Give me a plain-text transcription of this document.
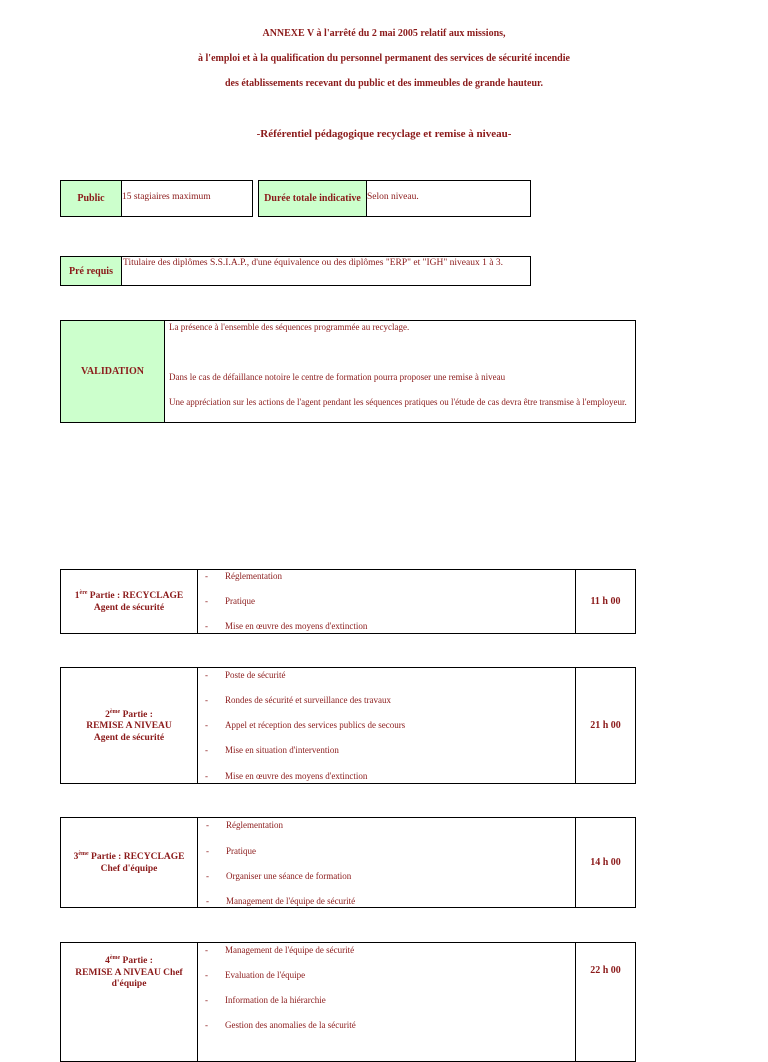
ANNEXE V à l'arrêté du 2 mai 2005 relatif aux missions,
à l'emploi et à la qualification du personnel permanent des services de sécurité incendie
des établissements recevant du public et des immeubles de grande hauteur.
-Référentiel pédagogique recyclage et remise à niveau-
Public	15 stagiaires maximum	Durée totale indicative Selon niveau.
Pré requis
Titulaire des diplômes S.S.I.A.P., d'une équivalence ou des diplômes "ERP" et "IGH" niveaux 1 à 3.
VALIDATION
La présence à l'ensemble des séquences programmée au recyclage.
Dans le cas de défaillance notoire le centre de formation pourra proposer une remise à niveau
Une appréciation sur les actions de l'agent pendant les séquences pratiques ou l'étude de cas devra être transmise à l'employeur.
1ère Partie : RECYCLAGE
Agent de sécurité
- Réglementation
- Pratique
- Mise en œuvre des moyens d'extinction
11 h 00
2ème Partie :
REMISE A NIVEAU
Agent de sécurité
- Poste de sécurité
- Rondes de sécurité et surveillance des travaux
- Appel et réception des services publics de secours
- Mise en situation d'intervention
- Mise en œuvre des moyens d'extinction
21 h 00
3ème Partie : RECYCLAGE
Chef d'équipe
- Réglementation
- Pratique
- Organiser une séance de formation
- Management de l'équipe de sécurité
14 h 00
4ème Partie :
REMISE A NIVEAU Chef
d'équipe
- Management de l'équipe de sécurité
- Evaluation de l'équipe
- Information de la hiérarchie
- Gestion des anomalies de la sécurité
22 h 00
